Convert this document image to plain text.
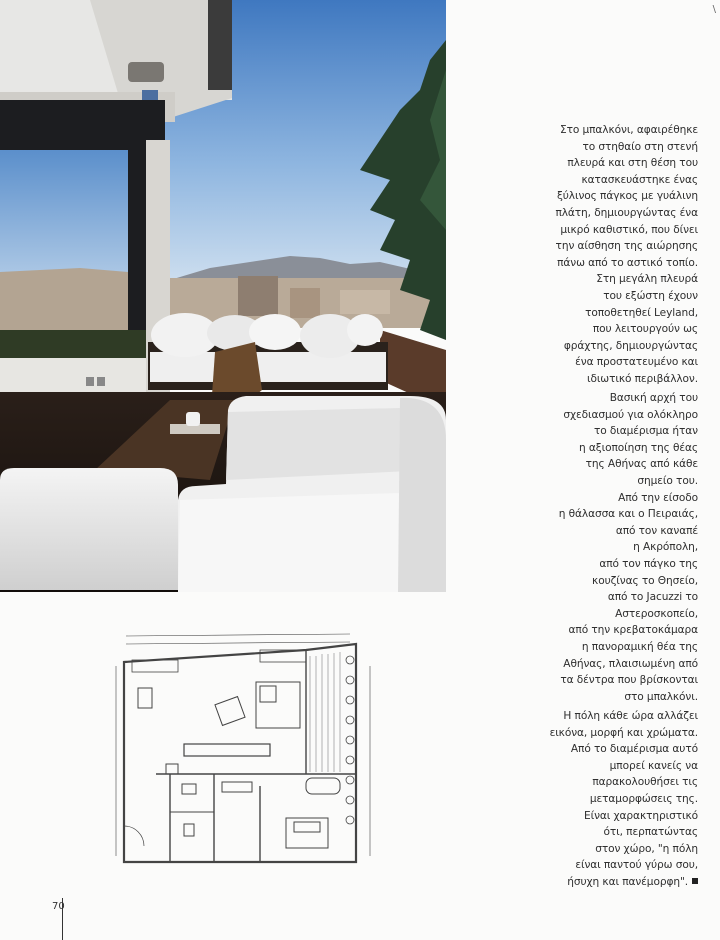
Στο μπαλκόνι, αφαιρέθηκε
το στηθαίο στη στενή
πλευρά και στη θέση του
κατασκευάστηκε ένας
ξύλινος πάγκος με γυάλινη
πλάτη, δημιουργώντας ένα
μικρό καθιστικό, που δίνει
την αίσθηση της αιώρησης
πάνω από το αστικό τοπίο.
Στη μεγάλη πλευρά
του εξώστη έχουν
τοποθετηθεί Leyland,
που λειτουργούν ως
φράχτης, δημιουργώντας
ένα προστατευμένο και
ιδιωτικό περιβάλλον.

Βασική αρχή του
σχεδιασμού για ολόκληρο
το διαμέρισμα ήταν
η αξιοποίηση της θέας
της Αθήνας από κάθε
σημείο του.
Από την είσοδο
η θάλασσα και ο Πειραιάς,
από τον καναπέ
η Ακρόπολη,
από τον πάγκο της
κουζίνας το Θησείο,
από το Jacuzzi το
Αστεροσκοπείο,
από την κρεβατοκάμαρα
η πανοραμική θέα της
Αθήνας, πλαισιωμένη από
τα δέντρα που βρίσκονται
στο μπαλκόνι.

Η πόλη κάθε ώρα αλλάζει
εικόνα, μορφή και χρώματα.
Από το διαμέρισμα αυτό
μπορεί κανείς να
παρακολουθήσει τις
μεταμορφώσεις της.
Είναι χαρακτηριστικό
ότι, περπατώντας
στον χώρο, "η πόλη
είναι παντού γύρω σου,
ήσυχη και πανέμορφη".

70
\
